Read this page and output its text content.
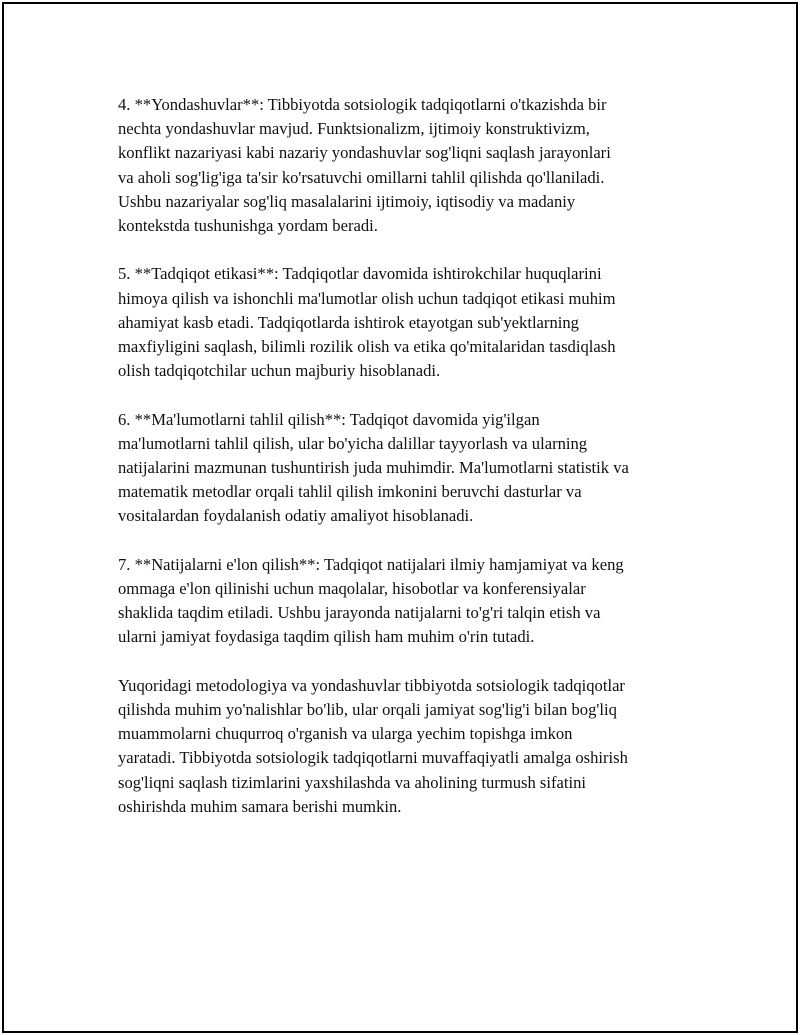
4. **Yondashuvlar**: Tibbiyotda sotsiologik tadqiqotlarni o'tkazishda bir
nechta yondashuvlar mavjud. Funktsionalizm, ijtimoiy konstruktivizm,
konflikt nazariyasi kabi nazariy yondashuvlar sog'liqni saqlash jarayonlari
va aholi sog'lig'iga ta'sir ko'rsatuvchi omillarni tahlil qilishda qo'llaniladi.
Ushbu nazariyalar sog'liq masalalarini ijtimoiy, iqtisodiy va madaniy
kontekstda tushunishga yordam beradi.

5. **Tadqiqot etikasi**: Tadqiqotlar davomida ishtirokchilar huquqlarini
himoya qilish va ishonchli ma'lumotlar olish uchun tadqiqot etikasi muhim
ahamiyat kasb etadi. Tadqiqotlarda ishtirok etayotgan sub'yektlarning
maxfiyligini saqlash, bilimli rozilik olish va etika qo'mitalaridan tasdiqlash
olish tadqiqotchilar uchun majburiy hisoblanadi.

6. **Ma'lumotlarni tahlil qilish**: Tadqiqot davomida yig'ilgan
ma'lumotlarni tahlil qilish, ular bo'yicha dalillar tayyorlash va ularning
natijalarini mazmunan tushuntirish juda muhimdir. Ma'lumotlarni statistik va
matematik metodlar orqali tahlil qilish imkonini beruvchi dasturlar va
vositalardan foydalanish odatiy amaliyot hisoblanadi.

7. **Natijalarni e'lon qilish**: Tadqiqot natijalari ilmiy hamjamiyat va keng
ommaga e'lon qilinishi uchun maqolalar, hisobotlar va konferensiyalar
shaklida taqdim etiladi. Ushbu jarayonda natijalarni to'g'ri talqin etish va
ularni jamiyat foydasiga taqdim qilish ham muhim o'rin tutadi.

Yuqoridagi metodologiya va yondashuvlar tibbiyotda sotsiologik tadqiqotlar
qilishda muhim yo'nalishlar bo'lib, ular orqali jamiyat sog'lig'i bilan bog'liq
muammolarni chuqurroq o'rganish va ularga yechim topishga imkon
yaratadi. Tibbiyotda sotsiologik tadqiqotlarni muvaffaqiyatli amalga oshirish
sog'liqni saqlash tizimlarini yaxshilashda va aholining turmush sifatini
oshirishda muhim samara berishi mumkin.
